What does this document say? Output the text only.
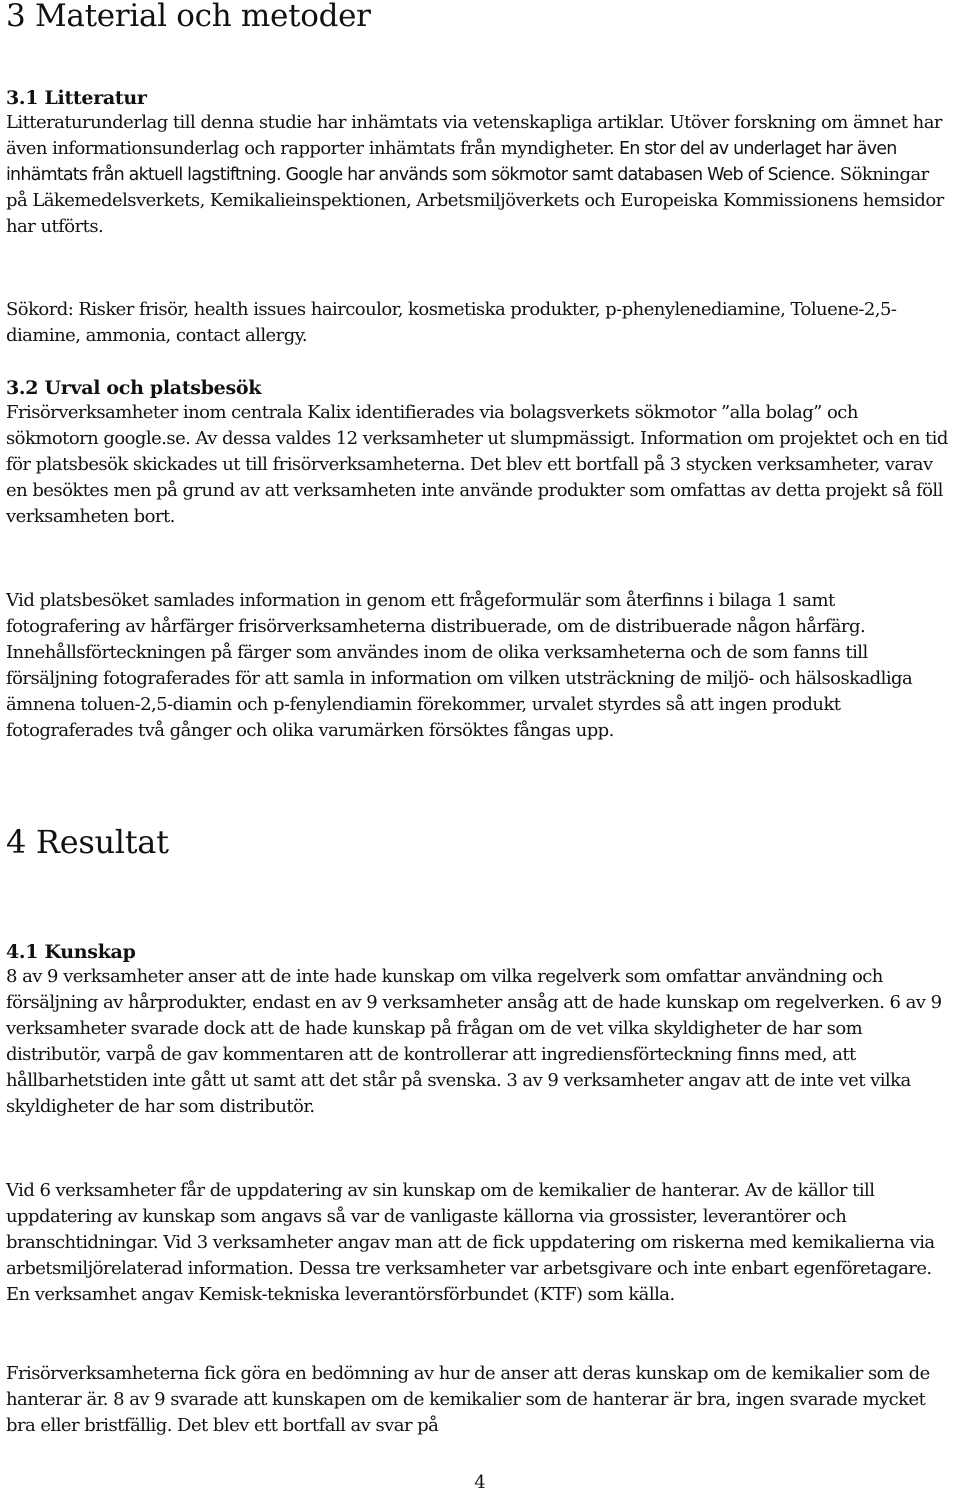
3 Material och metoder
3.1 Litteratur

Litteraturunderlag till denna studie har inhämtats via vetenskapliga artiklar. Utöver forskning om ämnet har även informationsunderlag och rapporter inhämtats från myndigheter. En stor del av underlaget har även inhämtats från aktuell lagstiftning. Google har används som sökmotor samt databasen Web of Science. Sökningar på Läkemedelsverkets, Kemikalieinspektionen, Arbetsmiljöverkets och Europeiska Kommissionens hemsidor har utförts.

Sökord: Risker frisör, health issues haircoulor, kosmetiska produkter, p-phenylenediamine, Toluene-2,5-diamine, ammonia, contact allergy.

3.2 Urval och platsbesök

Frisörverksamheter inom centrala Kalix identifierades via bolagsverkets sökmotor ”alla bolag” och sökmotorn google.se. Av dessa valdes 12 verksamheter ut slumpmässigt. Information om projektet och en tid för platsbesök skickades ut till frisörverksamheterna. Det blev ett bortfall på 3 stycken verksamheter, varav en besöktes men på grund av att verksamheten inte använde produkter som omfattas av detta projekt så föll verksamheten bort.

Vid platsbesöket samlades information in genom ett frågeformulär som återfinns i bilaga 1 samt fotografering av hårfärger frisörverksamheterna distribuerade, om de distribuerade någon hårfärg. Innehållsförteckningen på färger som användes inom de olika verksamheterna och de som fanns till försäljning fotograferades för att samla in information om vilken utsträckning de miljö- och hälsoskadliga ämnena toluen-2,5-diamin och p-fenylendiamin förekommer, urvalet styrdes så att ingen produkt fotograferades två gånger och olika varumärken försöktes fångas upp.

4 Resultat
4.1 Kunskap

8 av 9 verksamheter anser att de inte hade kunskap om vilka regelverk som omfattar användning och försäljning av hårprodukter, endast en av 9 verksamheter ansåg att de hade kunskap om regelverken. 6 av 9 verksamheter svarade dock att de hade kunskap på frågan om de vet vilka skyldigheter de har som distributör, varpå de gav kommentaren att de kontrollerar att ingrediensförteckning finns med, att hållbarhetstiden inte gått ut samt att det står på svenska. 3 av 9 verksamheter angav att de inte vet vilka skyldigheter de har som distributör.

Vid 6 verksamheter får de uppdatering av sin kunskap om de kemikalier de hanterar. Av de källor till uppdatering av kunskap som angavs så var de vanligaste källorna via grossister, leverantörer och branschtidningar. Vid 3 verksamheter angav man att de fick uppdatering om riskerna med kemikalierna via arbetsmiljörelaterad information. Dessa tre verksamheter var arbetsgivare och inte enbart egenföretagare. En verksamhet angav Kemisk-tekniska leverantörsförbundet (KTF) som källa.

Frisörverksamheterna fick göra en bedömning av hur de anser att deras kunskap om de kemikalier som de hanterar är. 8 av 9 svarade att kunskapen om de kemikalier som de hanterar är bra, ingen svarade mycket bra eller bristfällig. Det blev ett bortfall av svar på

4
